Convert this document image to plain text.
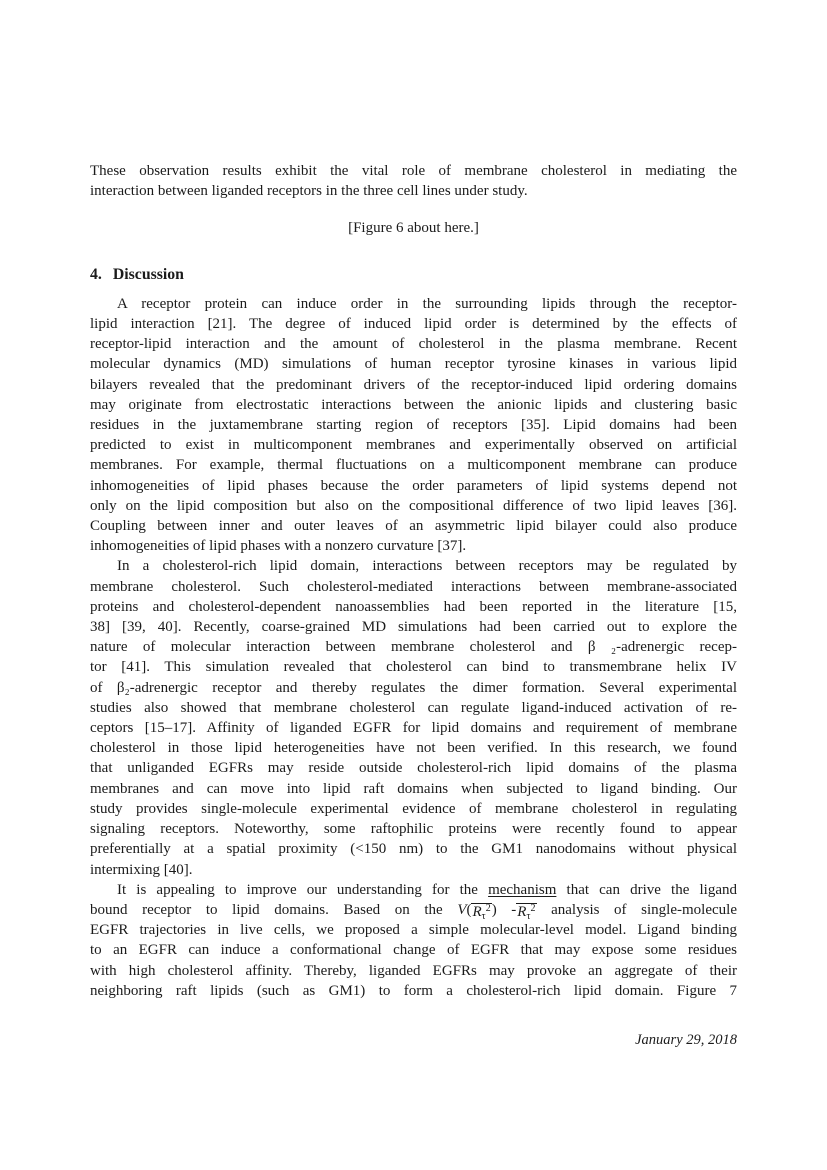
These observation results exhibit the vital role of membrane cholesterol in mediating the
interaction between liganded receptors in the three cell lines under study.
[Figure 6 about here.]
4. Discussion
A receptor protein can induce order in the surrounding lipids through the receptor-
lipid interaction [21]. The degree of induced lipid order is determined by the effects of
receptor-lipid interaction and the amount of cholesterol in the plasma membrane. Recent
molecular dynamics (MD) simulations of human receptor tyrosine kinases in various lipid
bilayers revealed that the predominant drivers of the receptor-induced lipid ordering domains
may originate from electrostatic interactions between the anionic lipids and clustering basic
residues in the juxtamembrane starting region of receptors [35]. Lipid domains had been
predicted to exist in multicomponent membranes and experimentally observed on artificial
membranes. For example, thermal fluctuations on a multicomponent membrane can produce
inhomogeneities of lipid phases because the order parameters of lipid systems depend not
only on the lipid composition but also on the compositional difference of two lipid leaves [36].
Coupling between inner and outer leaves of an asymmetric lipid bilayer could also produce
inhomogeneities of lipid phases with a nonzero curvature [37].
In a cholesterol-rich lipid domain, interactions between receptors may be regulated by
membrane cholesterol. Such cholesterol-mediated interactions between membrane-associated
proteins and cholesterol-dependent nanoassemblies had been reported in the literature [15,
38] [39, 40]. Recently, coarse-grained MD simulations had been carried out to explore the
nature of molecular interaction between membrane cholesterol and β ₂-adrenergic recep-
tor [41]. This simulation revealed that cholesterol can bind to transmembrane helix IV
of β₂-adrenergic receptor and thereby regulates the dimer formation. Several experimental
studies also showed that membrane cholesterol can regulate ligand-induced activation of re-
ceptors [15–17]. Affinity of liganded EGFR for lipid domains and requirement of membrane
cholesterol in those lipid heterogeneities have not been verified. In this research, we found
that unliganded EGFRs may reside outside cholesterol-rich lipid domains of the plasma
membranes and can move into lipid raft domains when subjected to ligand binding. Our
study provides single-molecule experimental evidence of membrane cholesterol in regulating
signaling receptors. Noteworthy, some raftophilic proteins were recently found to appear
preferentially at a spatial proximity (<150 nm) to the GM1 nanodomains without physical
intermixing [40].
It is appealing to improve our understanding for the mechanism that can drive the ligand
bound receptor to lipid domains. Based on the $V(R_\tau^2)$ $-R_\tau^2$ analysis of single-molecule
EGFR trajectories in live cells, we proposed a simple molecular-level model. Ligand binding
to an EGFR can induce a conformational change of EGFR that may expose some residues
with high cholesterol affinity. Thereby, liganded EGFRs may provoke an aggregate of their
neighboring raft lipids (such as GM1) to form a cholesterol-rich lipid domain. Figure 7
January 29, 2018
